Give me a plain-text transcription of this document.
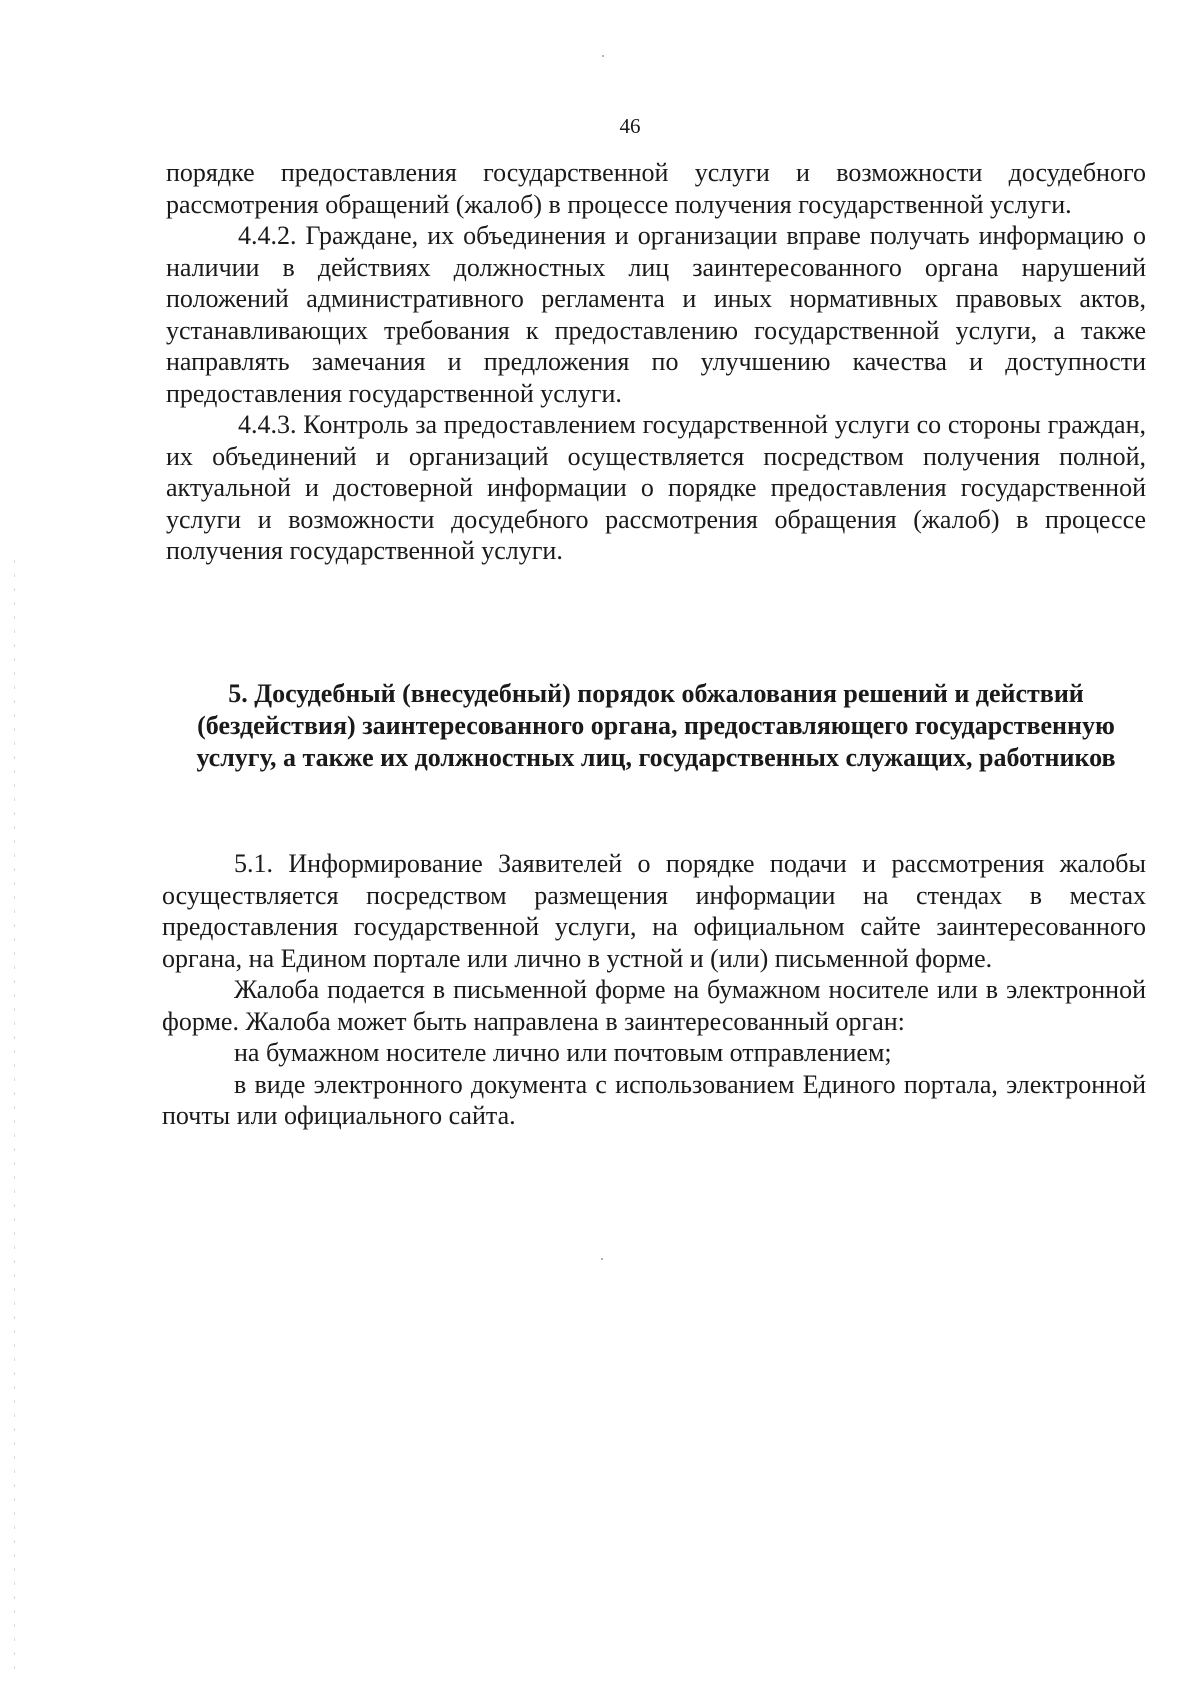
46

порядке предоставления государственной услуги и возможности досудебного рассмотрения обращений (жалоб) в процессе получения государственной услуги.

4.4.2. Граждане, их объединения и организации вправе получать информацию о наличии в действиях должностных лиц заинтересованного органа нарушений положений административного регламента и иных нормативных правовых актов, устанавливающих требования к предоставлению государственной услуги, а также направлять замечания и предложения по улучшению качества и доступности предоставления государственной услуги.

4.4.3. Контроль за предоставлением государственной услуги со стороны граждан, их объединений и организаций осуществляется посредством получения полной, актуальной и достоверной информации о порядке предоставления государственной услуги и возможности досудебного рассмотрения обращения (жалоб) в процессе получения государственной услуги.

5. Досудебный (внесудебный) порядок обжалования решений и действий (бездействия) заинтересованного органа, предоставляющего государственную услугу, а также их должностных лиц, государственных служащих, работников

5.1. Информирование Заявителей о порядке подачи и рассмотрения жалобы осуществляется посредством размещения информации на стендах в местах предоставления государственной услуги, на официальном сайте заинтересованного органа, на Едином портале или лично в устной и (или) письменной форме.

Жалоба подается в письменной форме на бумажном носителе или в электронной форме. Жалоба может быть направлена в заинтересованный орган:

на бумажном носителе лично или почтовым отправлением;

в виде электронного документа с использованием Единого портала, электронной почты или официального сайта.
